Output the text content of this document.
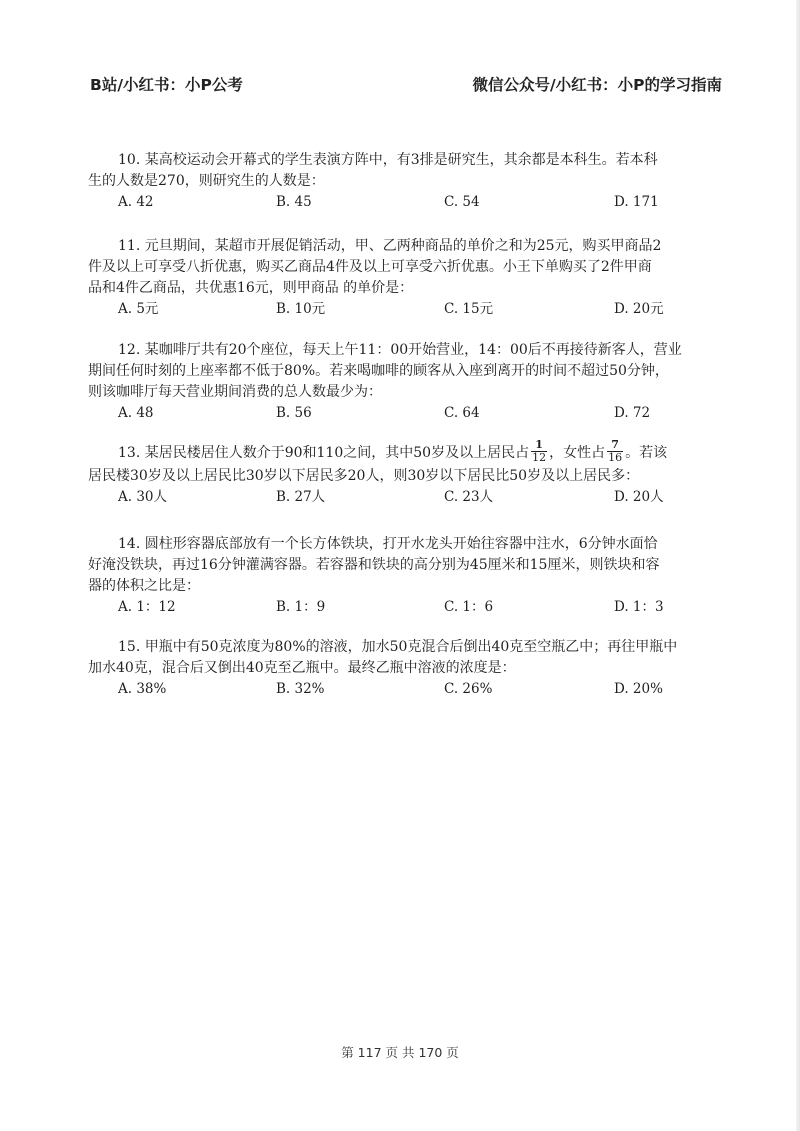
B站/小红书：小P公考	微信公众号/小红书：小P的学习指南

10. 某高校运动会开幕式的学生表演方阵中，有3排是研究生，其余都是本科生。若本科

生的人数是270，则研究生的人数是：

A. 42	B. 45	C. 54	D. 171

11. 元旦期间，某超市开展促销活动，甲、乙两种商品的单价之和为25元，购买甲商品2

件及以上可享受八折优惠，购买乙商品4件及以上可享受六折优惠。小王下单购买了2件甲商

品和4件乙商品，共优惠16元，则甲商品 的单价是：

A. 5元	B. 10元	C. 15元	D. 20元

12. 某咖啡厅共有20个座位，每天上午11：00开始营业，14：00后不再接待新客人，营业

期间任何时刻的上座率都不低于80%。若来喝咖啡的顾客从入座到离开的时间不超过50分钟，

则该咖啡厅每天营业期间消费的总人数最少为：

A. 48	B. 56	C. 64	D. 72

13. 某居民楼居住人数介于90和110之间，其中50岁及以上居民占 $\frac{1}{12}$ ，女性占 $\frac{7}{16}$ 。若该

居民楼30岁及以上居民比30岁以下居民多20人，则30岁以下居民比50岁及以上居民多：

A. 30人	B. 27人	C. 23人	D. 20人

14. 圆柱形容器底部放有一个长方体铁块，打开水龙头开始往容器中注水，6分钟水面恰

好淹没铁块，再过16分钟灌满容器。若容器和铁块的高分别为45厘米和15厘米，则铁块和容

器的体积之比是：

A. 1：12	B. 1：9	C. 1：6	D. 1：3

15. 甲瓶中有50克浓度为80%的溶液，加水50克混合后倒出40克至空瓶乙中；再往甲瓶中

加水40克，混合后又倒出40克至乙瓶中。最终乙瓶中溶液的浓度是：

A. 38%	B. 32%	C. 26%	D. 20%
第 117 页 共 170 页
